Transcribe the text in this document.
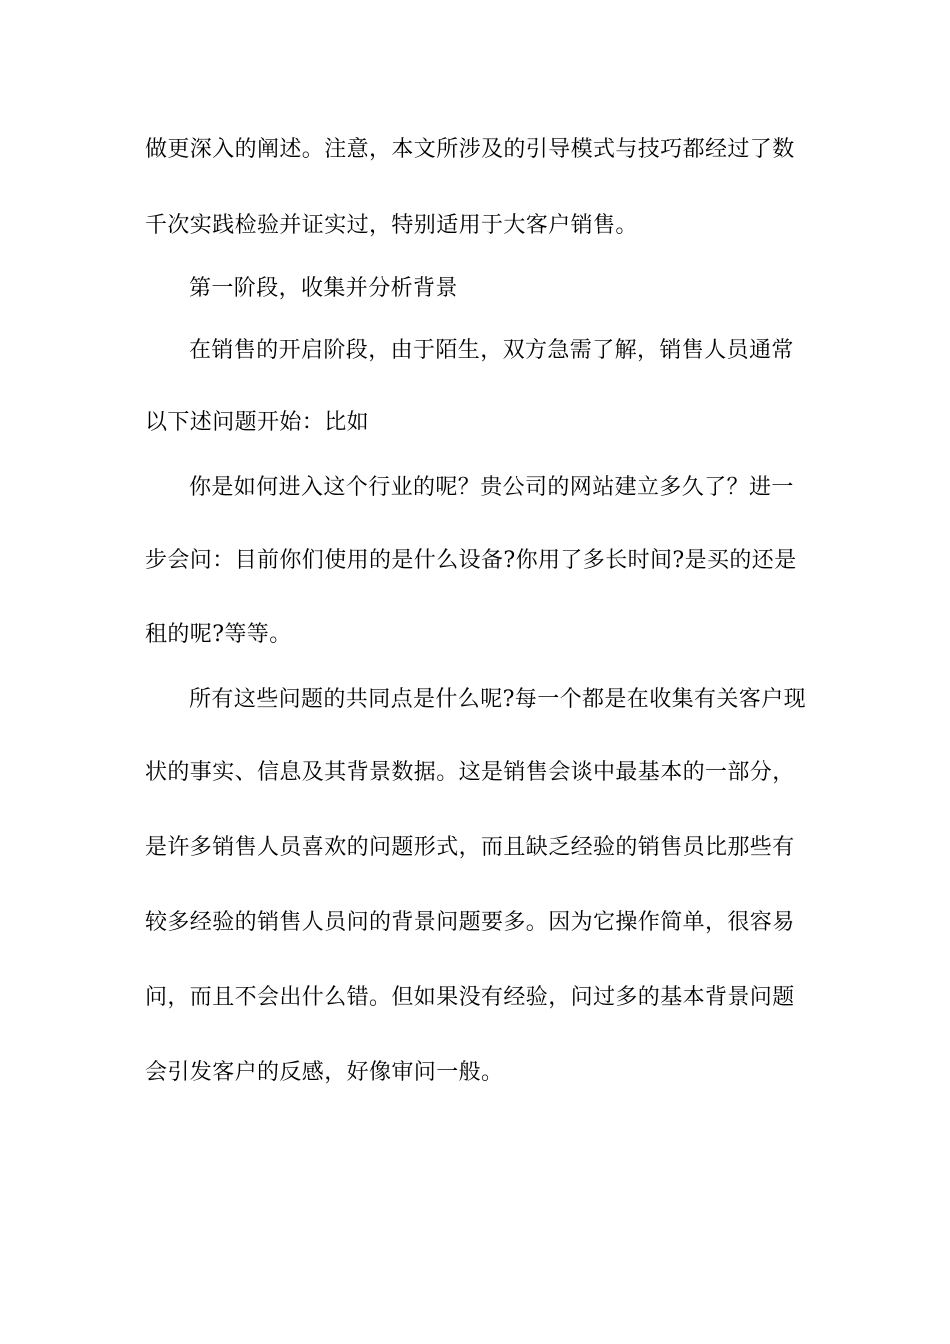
做更深入的阐述。注意，本文所涉及的引导模式与技巧都经过了数
千次实践检验并证实过，特别适用于大客户销售。
第一阶段，收集并分析背景
在销售的开启阶段，由于陌生，双方急需了解，销售人员通常
以下述问题开始：比如
你是如何进入这个行业的呢？贵公司的网站建立多久了？进一
步会问：目前你们使用的是什么设备?你用了多长时间?是买的还是
租的呢?等等。
所有这些问题的共同点是什么呢?每一个都是在收集有关客户现
状的事实、信息及其背景数据。这是销售会谈中最基本的一部分，
是许多销售人员喜欢的问题形式，而且缺乏经验的销售员比那些有
较多经验的销售人员问的背景问题要多。因为它操作简单，很容易
问，而且不会出什么错。但如果没有经验，问过多的基本背景问题
会引发客户的反感，好像审问一般。
